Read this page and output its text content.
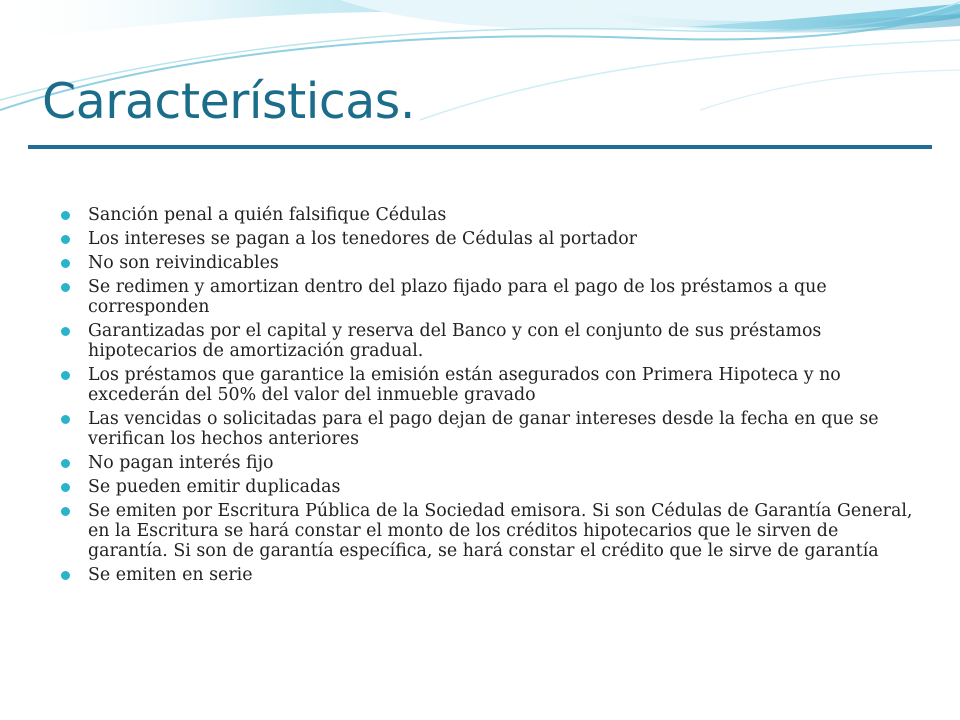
Características.
Sanción penal a quién falsifique Cédulas
Los intereses se pagan a los tenedores de Cédulas al portador
No son reivindicables
Se redimen y amortizan dentro del plazo fijado para el pago de los préstamos a que corresponden
Garantizadas por el capital y reserva del Banco y con el conjunto de sus préstamos hipotecarios de amortización gradual.
Los préstamos que garantice la emisión están asegurados con Primera Hipoteca y no excederán del 50% del valor del inmueble gravado
Las vencidas o solicitadas para el pago dejan de ganar intereses desde la fecha en que se verifican los hechos anteriores
No pagan interés fijo
Se pueden emitir duplicadas
Se emiten por Escritura Pública de la Sociedad emisora. Si son Cédulas de Garantía General, en la Escritura se hará constar el monto de los créditos hipotecarios que le sirven de garantía. Si son de garantía específica, se hará constar el crédito que le sirve de garantía
Se emiten en serie
